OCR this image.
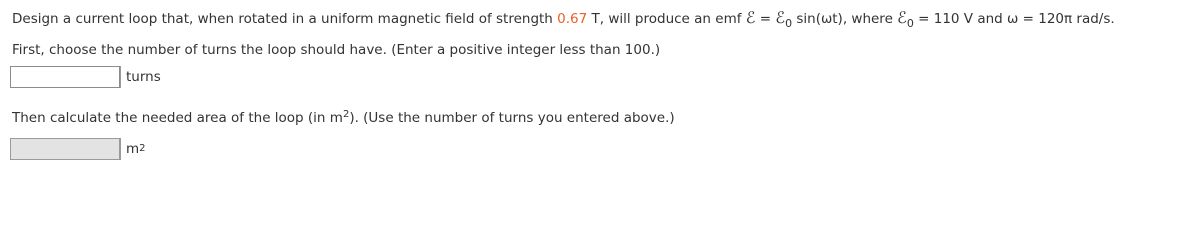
Design a current loop that, when rotated in a uniform magnetic field of strength 0.67 T, will produce an emf ℰ = ℰ$_0$ sin(ωt), where ℰ$_0$ = 110 V and ω = 120π rad/s.
First, choose the number of turns the loop should have. (Enter a positive integer less than 100.)
turns
Then calculate the needed area of the loop (in $m^2$). (Use the number of turns you entered above.)
m 2
